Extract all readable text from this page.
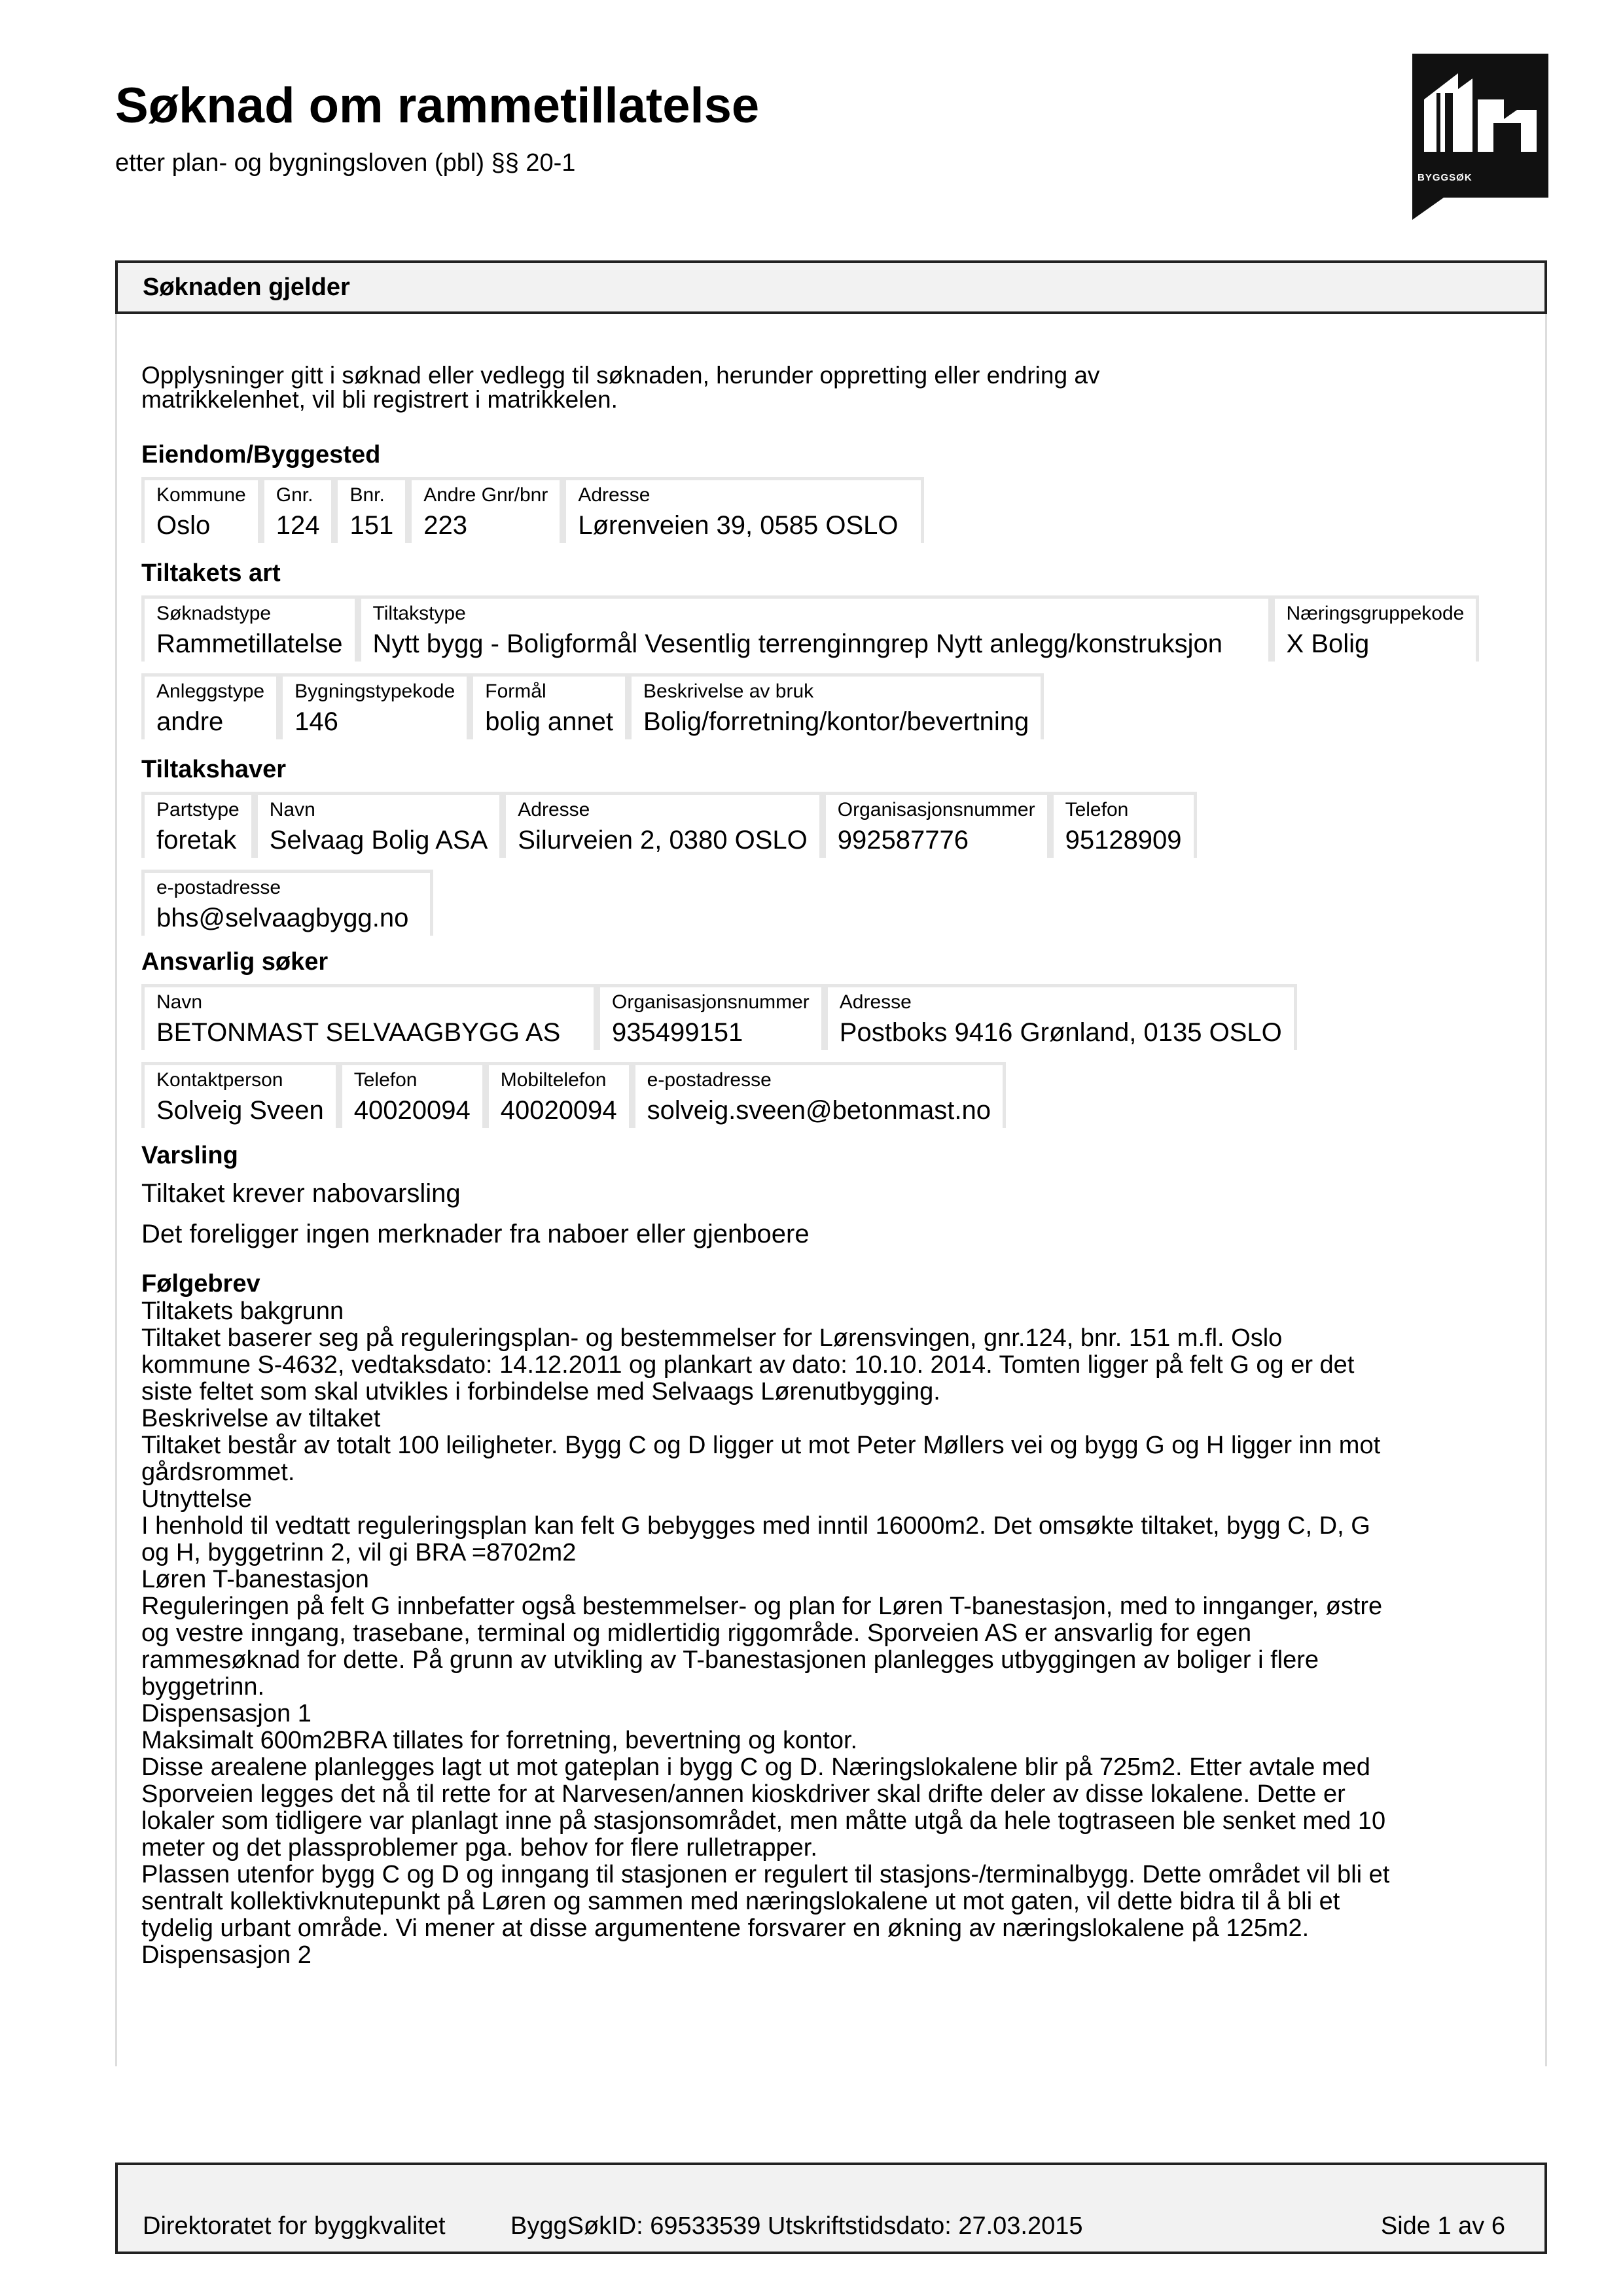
Søknad om rammetillatelse
etter plan- og bygningsloven (pbl) §§ 20-1
BYGGSØK
Søknaden gjelder

Opplysninger gitt i søknad eller vedlegg til søknaden, herunder oppretting eller endring av matrikkelenhet, vil bli registrert i matrikkelen.

Eiendom/Byggested
Kommune
Oslo
Gnr.
124
Bnr.
151
Andre Gnr/bnr
223
Adresse
Lørenveien 39, 0585 OSLO
Tiltakets art
Søknadstype
Rammetillatelse
Tiltakstype
Nytt bygg - Boligformål Vesentlig terrenginngrep Nytt anlegg/konstruksjon
Næringsgruppekode
X Bolig
Anleggstype
andre
Bygningstypekode
146
Formål
bolig annet
Beskrivelse av bruk
Bolig/forretning/kontor/bevertning
Tiltakshaver
Partstype
foretak
Navn
Selvaag Bolig ASA
Adresse
Silurveien 2, 0380 OSLO
Organisasjonsnummer
992587776
Telefon
95128909
e-postadresse
bhs@selvaagbygg.no
Ansvarlig søker
Navn
BETONMAST SELVAAGBYGG AS
Organisasjonsnummer
935499151
Adresse
Postboks 9416 Grønland, 0135 OSLO
Kontaktperson
Solveig Sveen
Telefon
40020094
Mobiltelefon
40020094
e-postadresse
solveig.sveen@betonmast.no
Varsling

Tiltaket krever nabovarsling

Det foreligger ingen merknader fra naboer eller gjenboere

Følgebrev

Tiltakets bakgrunn

Tiltaket baserer seg på reguleringsplan- og bestemmelser for Lørensvingen, gnr.124, bnr. 151 m.fl. Oslo

kommune S-4632, vedtaksdato: 14.12.2011 og plankart av dato: 10.10. 2014. Tomten ligger på felt G og er det

siste feltet som skal utvikles i forbindelse med Selvaags Lørenutbygging.

Beskrivelse av tiltaket

Tiltaket består av totalt 100 leiligheter. Bygg C og D ligger ut mot Peter Møllers vei og bygg G og H ligger inn mot

gårdsrommet.

Utnyttelse

I henhold til vedtatt reguleringsplan kan felt G bebygges med inntil 16000m2. Det omsøkte tiltaket, bygg C, D, G

og H, byggetrinn 2, vil gi BRA =8702m2

Løren T-banestasjon

Reguleringen på felt G innbefatter også bestemmelser- og plan for Løren T-banestasjon, med to innganger, østre

og vestre inngang, trasebane, terminal og midlertidig riggområde. Sporveien AS er ansvarlig for egen

rammesøknad for dette. På grunn av utvikling av T-banestasjonen planlegges utbyggingen av boliger i flere

byggetrinn.

Dispensasjon 1

Maksimalt 600m2BRA tillates for forretning, bevertning og kontor.

Disse arealene planlegges lagt ut mot gateplan i bygg C og D. Næringslokalene blir på 725m2. Etter avtale med

Sporveien legges det nå til rette for at Narvesen/annen kioskdriver skal drifte deler av disse lokalene. Dette er

lokaler som tidligere var planlagt inne på stasjonsområdet, men måtte utgå da hele togtraseen ble senket med 10

meter og det plassproblemer pga. behov for flere rulletrapper.

Plassen utenfor bygg C og D og inngang til stasjonen er regulert til stasjons-/terminalbygg. Dette området vil bli et

sentralt kollektivknutepunkt på Løren og sammen med næringslokalene ut mot gaten, vil dette bidra til å bli et

tydelig urbant område. Vi mener at disse argumentene forsvarer en økning av næringslokalene på 125m2.

Dispensasjon 2

Direktoratet for byggkvalitet	ByggSøkID: 69533539 Utskriftstidsdato: 27.03.2015	Side 1 av 6
